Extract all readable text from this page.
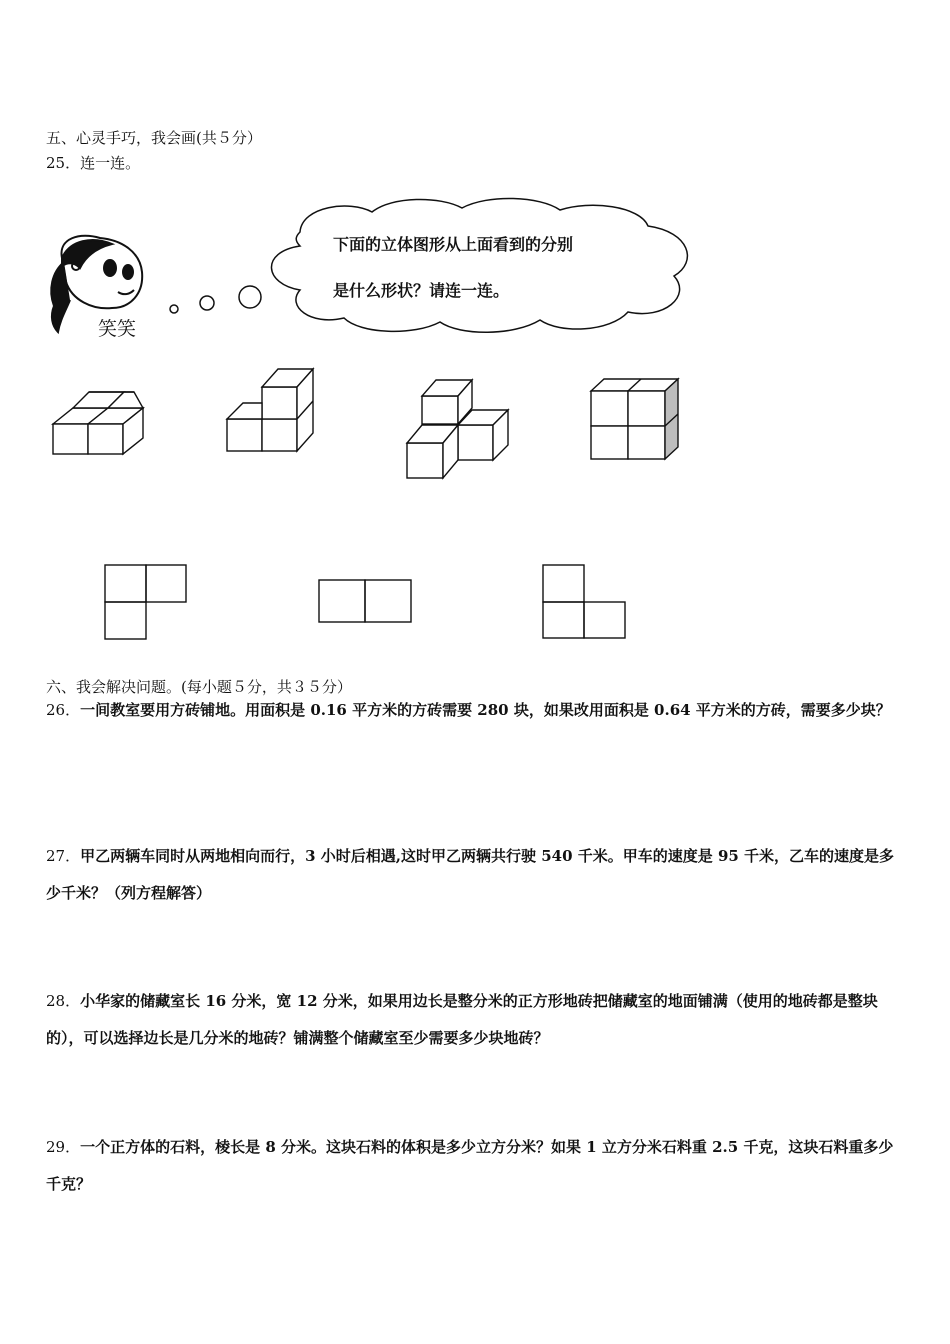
五、心灵手巧，我会画(共５分）
25．连一连。
笑笑
下面的立体图形从上面看到的分别
是什么形状？请连一连。
六、我会解决问题。(每小题５分，共３５分）
26．一间教室要用方砖铺地。用面积是 0.16 平方米的方砖需要 280 块，如果改用面积是 0.64 平方米的方砖，需要多少块？
27．甲乙两辆车同时从两地相向而行，3 小时后相遇,这时甲乙两辆共行驶 540 千米。甲车的速度是 95 千米，乙车的速度是多少千米？（列方程解答）
28．小华家的储藏室长 16 分米，宽 12 分米，如果用边长是整分米的正方形地砖把储藏室的地面铺满（使用的地砖都是整块的），可以选择边长是几分米的地砖？铺满整个储藏室至少需要多少块地砖？
29．一个正方体的石料，棱长是 8 分米。这块石料的体积是多少立方分米？如果 1 立方分米石料重 2.5 千克，这块石料重多少千克？
